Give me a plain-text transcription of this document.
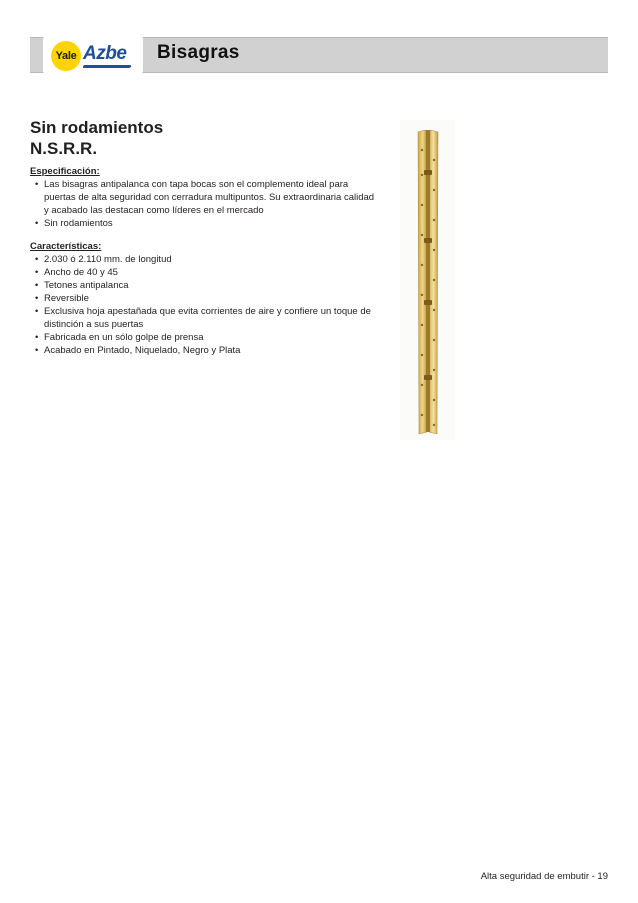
Yale Azbe Bisagras
Sin rodamientos
N.S.R.R.
Especificación:
• Las bisagras antipalanca con tapa bocas son el complemento ideal para puertas de alta seguridad con cerradura multipuntos. Su extraordinaria calidad y acabado las destacan como líderes en el mercado
• Sin rodamientos
Características:
• 2.030 ó 2.110 mm. de longitud
• Ancho de 40 y 45
• Tetones antipalanca
• Reversible
• Exclusiva hoja apestañada que evita corrientes de aire y confiere un toque de distinción a sus puertas
• Fabricada en un sólo golpe de prensa
• Acabado en Pintado, Niquelado, Negro y Plata
Alta seguridad de embutir - 19
